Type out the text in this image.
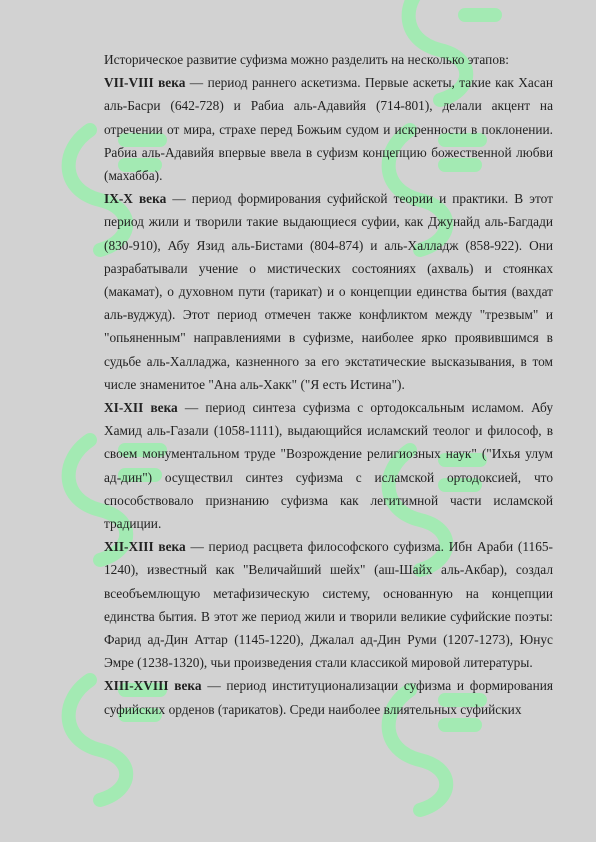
Историческое развитие суфизма можно разделить на несколько этапов:

VII-VIII века — период раннего аскетизма. Первые аскеты, такие как Хасан аль-Басри (642-728) и Рабиа аль-Адавийя (714-801), делали акцент на отречении от мира, страхе перед Божьим судом и искренности в поклонении. Рабиа аль-Адавийя впервые ввела в суфизм концепцию божественной любви (махабба).

IX-X века — период формирования суфийской теории и практики. В этот период жили и творили такие выдающиеся суфии, как Джунайд аль-Багдади (830-910), Абу Язид аль-Бистами (804-874) и аль-Халладж (858-922). Они разрабатывали учение о мистических состояниях (ахваль) и стоянках (макамат), о духовном пути (тарикат) и о концепции единства бытия (вахдат аль-вуджуд). Этот период отмечен также конфликтом между "трезвым" и "опьяненным" направлениями в суфизме, наиболее ярко проявившимся в судьбе аль-Халладжа, казненного за его экстатические высказывания, в том числе знаменитое "Ана аль-Хакк" ("Я есть Истина").

XI-XII века — период синтеза суфизма с ортодоксальным исламом. Абу Хамид аль-Газали (1058-1111), выдающийся исламский теолог и философ, в своем монументальном труде "Возрождение религиозных наук" ("Ихья улум ад-дин") осуществил синтез суфизма с исламской ортодоксией, что способствовало признанию суфизма как легитимной части исламской традиции.

XII-XIII века — период расцвета философского суфизма. Ибн Араби (1165-1240), известный как "Величайший шейх" (аш-Шайх аль-Акбар), создал всеобъемлющую метафизическую систему, основанную на концепции единства бытия. В этот же период жили и творили великие суфийские поэты: Фарид ад-Дин Аттар (1145-1220), Джалал ад-Дин Руми (1207-1273), Юнус Эмре (1238-1320), чьи произведения стали классикой мировой литературы.

XIII-XVIII века — период институционализации суфизма и формирования суфийских орденов (тарикатов). Среди наиболее влиятельных суфийских
